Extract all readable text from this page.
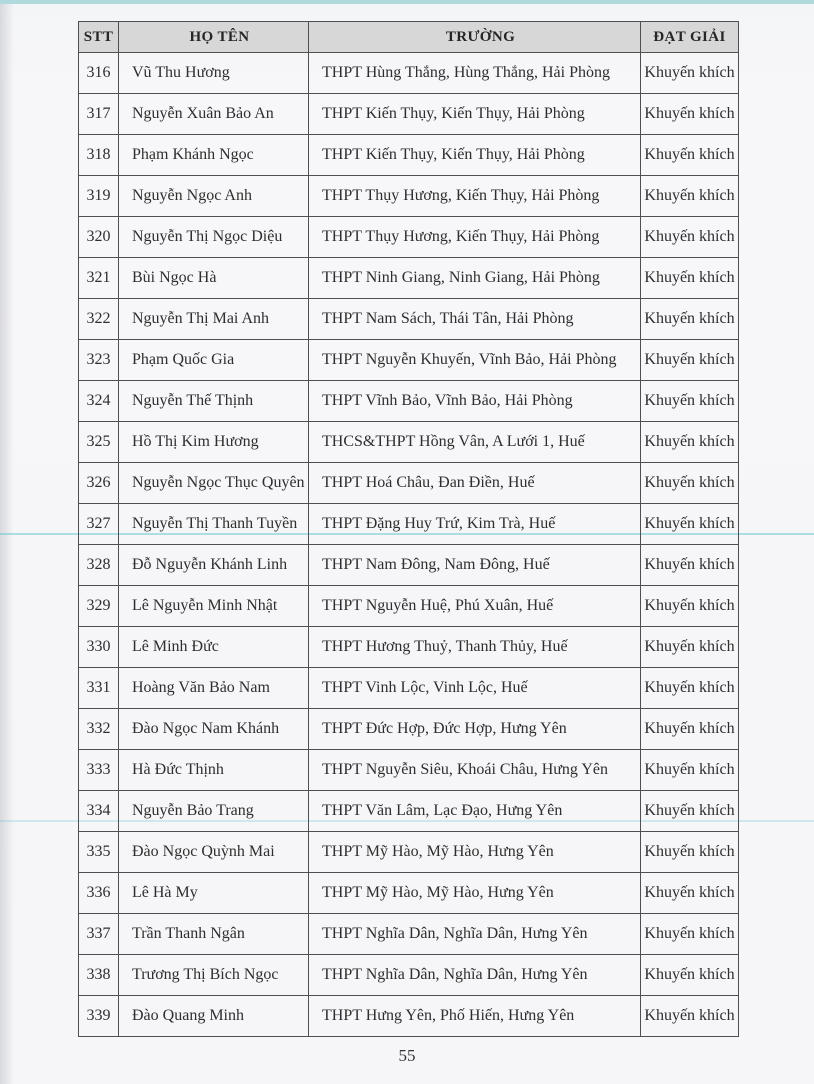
STT	HỌ TÊN	TRƯỜNG	ĐẠT GIẢI
316	Vũ Thu Hương	THPT Hùng Thắng, Hùng Thắng, Hải Phòng	Khuyến khích
317	Nguyễn Xuân Bảo An	THPT Kiến Thụy, Kiến Thụy, Hải Phòng	Khuyến khích
318	Phạm Khánh Ngọc	THPT Kiến Thụy, Kiến Thụy, Hải Phòng	Khuyến khích
319	Nguyễn Ngọc Anh	THPT Thụy Hương, Kiến Thụy, Hải Phòng	Khuyến khích
320	Nguyễn Thị Ngọc Diệu	THPT Thụy Hương, Kiến Thụy, Hải Phòng	Khuyến khích
321	Bùi Ngọc Hà	THPT Ninh Giang, Ninh Giang, Hải Phòng	Khuyến khích
322	Nguyễn Thị Mai Anh	THPT Nam Sách, Thái Tân, Hải Phòng	Khuyến khích
323	Phạm Quốc Gia	THPT Nguyễn Khuyến, Vĩnh Bảo, Hải Phòng	Khuyến khích
324	Nguyễn Thế Thịnh	THPT Vĩnh Bảo, Vĩnh Bảo, Hải Phòng	Khuyến khích
325	Hồ Thị Kim Hương	THCS&THPT Hồng Vân, A Lưới 1, Huế	Khuyến khích
326	Nguyễn Ngọc Thục Quyên	THPT Hoá Châu, Đan Điền, Huế	Khuyến khích
327	Nguyễn Thị Thanh Tuyền	THPT Đặng Huy Trứ, Kim Trà, Huế	Khuyến khích
328	Đỗ Nguyễn Khánh Linh	THPT Nam Đông, Nam Đông, Huế	Khuyến khích
329	Lê Nguyễn Minh Nhật	THPT Nguyễn Huệ, Phú Xuân, Huế	Khuyến khích
330	Lê Minh Đức	THPT Hương Thuỷ, Thanh Thủy, Huế	Khuyến khích
331	Hoàng Văn Bảo Nam	THPT Vinh Lộc, Vinh Lộc, Huế	Khuyến khích
332	Đào Ngọc Nam Khánh	THPT Đức Hợp, Đức Hợp, Hưng Yên	Khuyến khích
333	Hà Đức Thịnh	THPT Nguyễn Siêu, Khoái Châu, Hưng Yên	Khuyến khích
334	Nguyễn Bảo Trang	THPT Văn Lâm, Lạc Đạo, Hưng Yên	Khuyến khích
335	Đào Ngọc Quỳnh Mai	THPT Mỹ Hào, Mỹ Hào, Hưng Yên	Khuyến khích
336	Lê Hà My	THPT Mỹ Hào, Mỹ Hào, Hưng Yên	Khuyến khích
337	Trần Thanh Ngân	THPT Nghĩa Dân, Nghĩa Dân, Hưng Yên	Khuyến khích
338	Trương Thị Bích Ngọc	THPT Nghĩa Dân, Nghĩa Dân, Hưng Yên	Khuyến khích
339	Đào Quang Minh	THPT Hưng Yên, Phố Hiến, Hưng Yên	Khuyến khích
55
